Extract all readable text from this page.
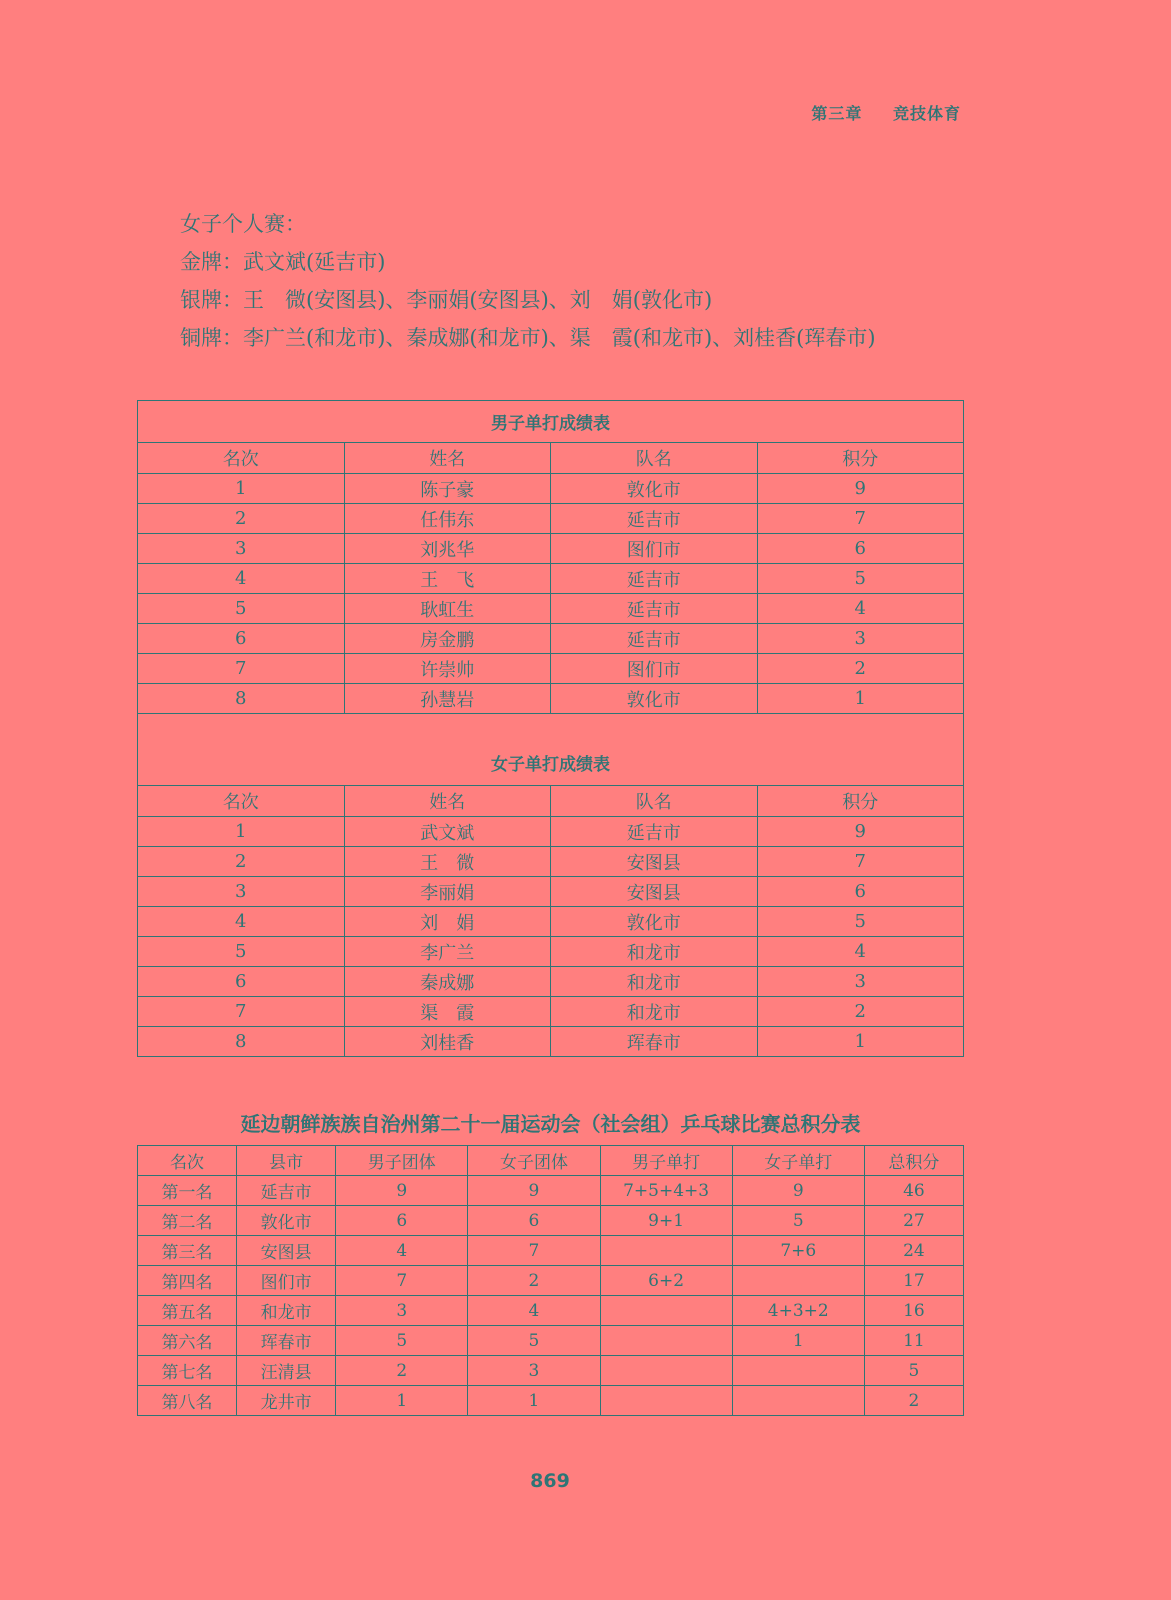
第三章 竞技体育
女子个人赛：
金牌：武文斌(延吉市)
银牌：王　微(安图县)、李丽娟(安图县)、刘　娟(敦化市)
铜牌：李广兰(和龙市)、秦成娜(和龙市)、渠　霞(和龙市)、刘桂香(珲春市)
男子单打成绩表			
名次	姓名	队名	积分
1	陈子豪	敦化市	9
2	任伟东	延吉市	7
3	刘兆华	图们市	6
4	王　飞	延吉市	5
5	耿虹生	延吉市	4
6	房金鹏	延吉市	3
7	许崇帅	图们市	2
8	孙慧岩	敦化市	1
女子单打成绩表			
名次	姓名	队名	积分
1	武文斌	延吉市	9
2	王　微	安图县	7
3	李丽娟	安图县	6
4	刘　娟	敦化市	5
5	李广兰	和龙市	4
6	秦成娜	和龙市	3
7	渠　霞	和龙市	2
8	刘桂香	珲春市	1
延边朝鲜族族自治州第二十一届运动会（社会组）乒乓球比赛总积分表
名次	县市	男子团体	女子团体	男子单打	女子单打	总积分
第一名	延吉市	9	9	7+5+4+3	9	46
第二名	敦化市	6	6	9+1	5	27
第三名	安图县	4	7		7+6	24
第四名	图们市	7	2	6+2		17
第五名	和龙市	3	4		4+3+2	16
第六名	珲春市	5	5		1	11
第七名	汪清县	2	3			5
第八名	龙井市	1	1			2
869
